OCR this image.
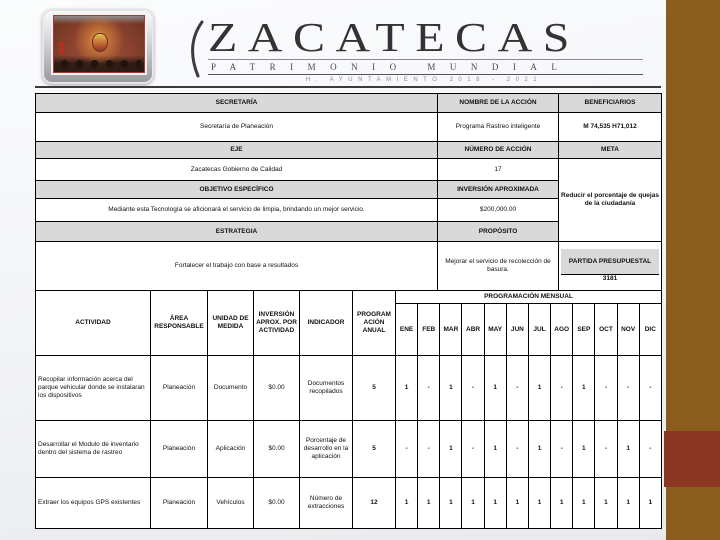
ZACATECAS
PATRIMONIO MUNDIAL
H. AYUNTAMIENTO 2018 - 2021
SECRETARÍA	NOMBRE DE LA ACCIÓN	BENEFICIARIOS
Secretaría de Planeación	Programa Rastreo inteligente	M 74,535 H71,012
EJE	NÚMERO DE ACCIÓN	META
Zacatecas Gobierno de Calidad	17	Reducir el porcentaje de quejas de la ciudadanía
OBJETIVO ESPECÍFICO	INVERSIÓN APROXIMADA	
Mediante esta Tecnología se aficionará el servicio de limpia, brindando un mejor servicio.	$200,000.00	
ESTRATEGIA	PROPÓSITO	
Fortalecer el trabajo con base a resultados	Mejorar el servicio de recolección de basura.	PARTIDA PRESUPUESTAL
3181
ACTIVIDAD	ÁREA RESPONSABLE	UNIDAD DE MEDIDA	INVERSIÓN APROX. POR ACTIVIDAD	INDICADOR	PROGRAMACIÓN ANUAL	PROGRAMACIÓN MENSUAL											
						ENE	FEB	MAR	ABR	MAY	JUN	JUL	AGO	SEP	OCT	NOV	DIC
Recopilar información acerca del parque vehicular donde se instalaran los dispositivos	Planeación	Documento	$0.00	Documentos recopilados	5	1	-	1	-	1	-	1	-	1	-	-	-
Desarrollar el Modulo de inventario dentro del sistema de rastreo	Planeación	Aplicación	$0.00	Porcentaje de desarrollo en la aplicación	5	-	-	1	-	1	-	1	-	1	-	1	-
Extraer los equipos GPS existentes	Planeación	Vehículos	$0.00	Número de extracciones	12	1	1	1	1	1	1	1	1	1	1	1	1
